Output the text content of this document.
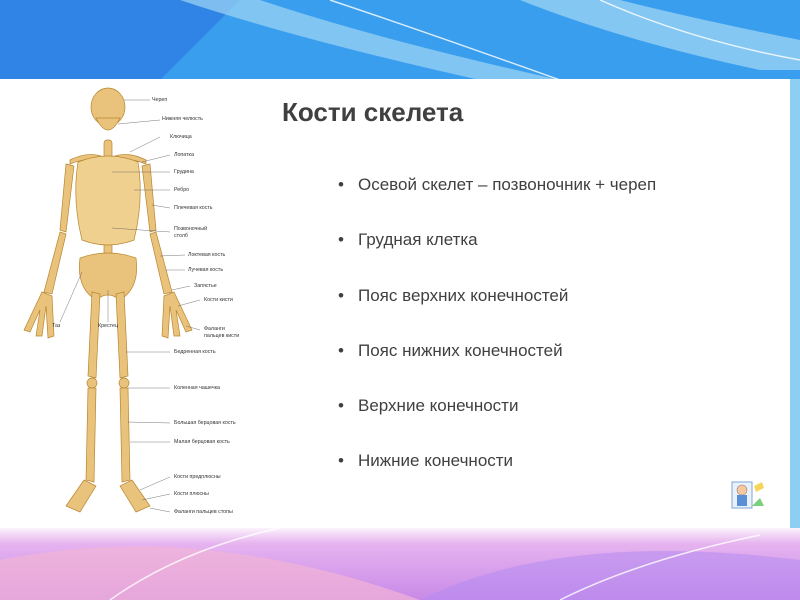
Кости скелета
• Осевой скелет – позвоночник + череп
• Грудная клетка
• Пояс верхних конечностей
• Пояс нижних конечностей
• Верхние конечности
• Нижние конечности
Череп
Нижняя челюсть
Ключица
Лопатка
Грудина
Ребро
Плечевая кость
Позвоночный
столб
Локтевая кость
Лучевая кость
Запястье
Кости кисти
Фаланги
пальцев кисти
Таз	Крестец
Бедренная кость
Коленная чашечка
Большая берцовая кость
Малая берцовая кость
Кости предплюсны
Кости плюсны
Фаланги пальцев стопы
